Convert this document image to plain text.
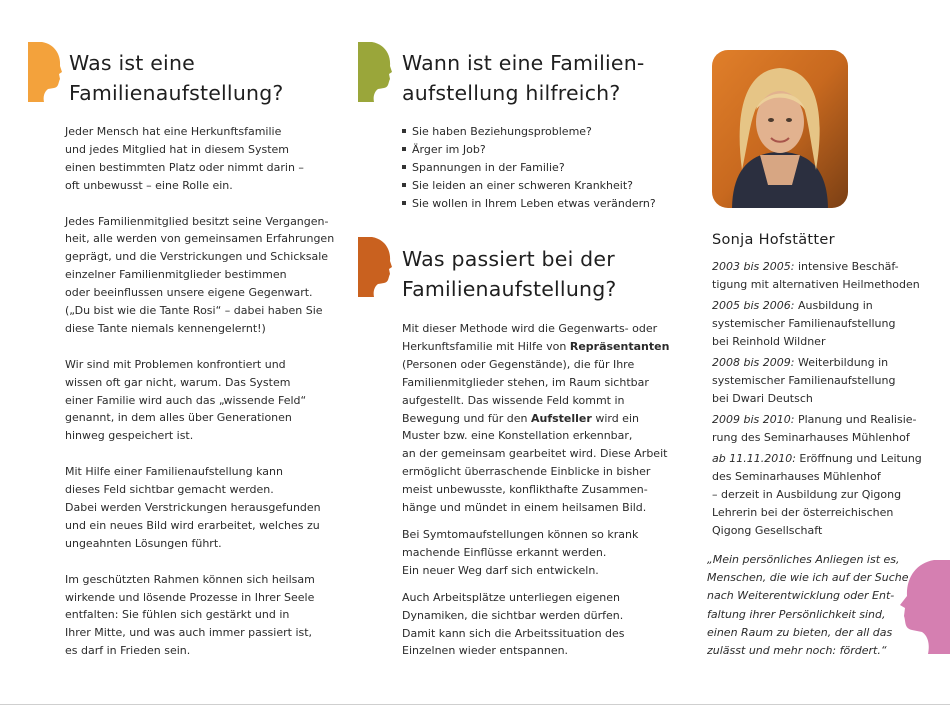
Was ist eine
Familienaufstellung?

Jeder Mensch hat eine Herkunftsfamilie
und jedes Mitglied hat in diesem System
einen bestimmten Platz oder nimmt darin –
oft unbewusst – eine Rolle ein.

Jedes Familienmitglied besitzt seine Vergangen-
heit, alle werden von gemeinsamen Erfahrungen
geprägt, und die Verstrickungen und Schicksale
einzelner Familienmitglieder bestimmen
oder beeinflussen unsere eigene Gegenwart.
(„Du bist wie die Tante Rosi“ – dabei haben Sie
diese Tante niemals kennengelernt!)

Wir sind mit Problemen konfrontiert und
wissen oft gar nicht, warum. Das System
einer Familie wird auch das „wissende Feld“
genannt, in dem alles über Generationen
hinweg gespeichert ist.

Mit Hilfe einer Familienaufstellung kann
dieses Feld sichtbar gemacht werden.
Dabei werden Verstrickungen herausgefunden
und ein neues Bild wird erarbeitet, welches zu
ungeahnten Lösungen führt.

Im geschützten Rahmen können sich heilsam
wirkende und lösende Prozesse in Ihrer Seele
entfalten: Sie fühlen sich gestärkt und in
Ihrer Mitte, und was auch immer passiert ist,
es darf in Frieden sein.

Wann ist eine Familien-
aufstellung hilfreich?
Sie haben Beziehungsprobleme?
Ärger im Job?
Spannungen in der Familie?
Sie leiden an einer schweren Krankheit?
Sie wollen in Ihrem Leben etwas verändern?
Was passiert bei der
Familienaufstellung?

Mit dieser Methode wird die Gegenwarts- oder
Herkunftsfamilie mit Hilfe von Repräsentanten
(Personen oder Gegenstände), die für Ihre
Familienmitglieder stehen, im Raum sichtbar
aufgestellt. Das wissende Feld kommt in
Bewegung und für den Aufsteller wird ein
Muster bzw. eine Konstellation erkennbar,
an der gemeinsam gearbeitet wird. Diese Arbeit
ermöglicht überraschende Einblicke in bisher
meist unbewusste, konflikthafte Zusammen-
hänge und mündet in einem heilsamen Bild.

Bei Symtomaufstellungen können so krank
machende Einflüsse erkannt werden.
Ein neuer Weg darf sich entwickeln.

Auch Arbeitsplätze unterliegen eigenen
Dynamiken, die sichtbar werden dürfen.
Damit kann sich die Arbeitssituation des
Einzelnen wieder entspannen.

Sonja Hofstätter
2003 bis 2005: intensive Beschäf-
tigung mit alternativen Heilmethoden
2005 bis 2006: Ausbildung in
systemischer Familienaufstellung
bei Reinhold Wildner
2008 bis 2009: Weiterbildung in
systemischer Familienaufstellung
bei Dwari Deutsch
2009 bis 2010: Planung und Realisie-
rung des Seminarhauses Mühlenhof
ab 11.11.2010: Eröffnung und Leitung
des Seminarhauses Mühlenhof
– derzeit in Ausbildung zur Qigong
Lehrerin bei der österreichischen
Qigong Gesellschaft
„Mein persönliches Anliegen ist es,
Menschen, die wie ich auf der Suche
nach Weiterentwicklung oder Ent-
faltung ihrer Persönlichkeit sind,
einen Raum zu bieten, der all das
zulässt und mehr noch: fördert.“
